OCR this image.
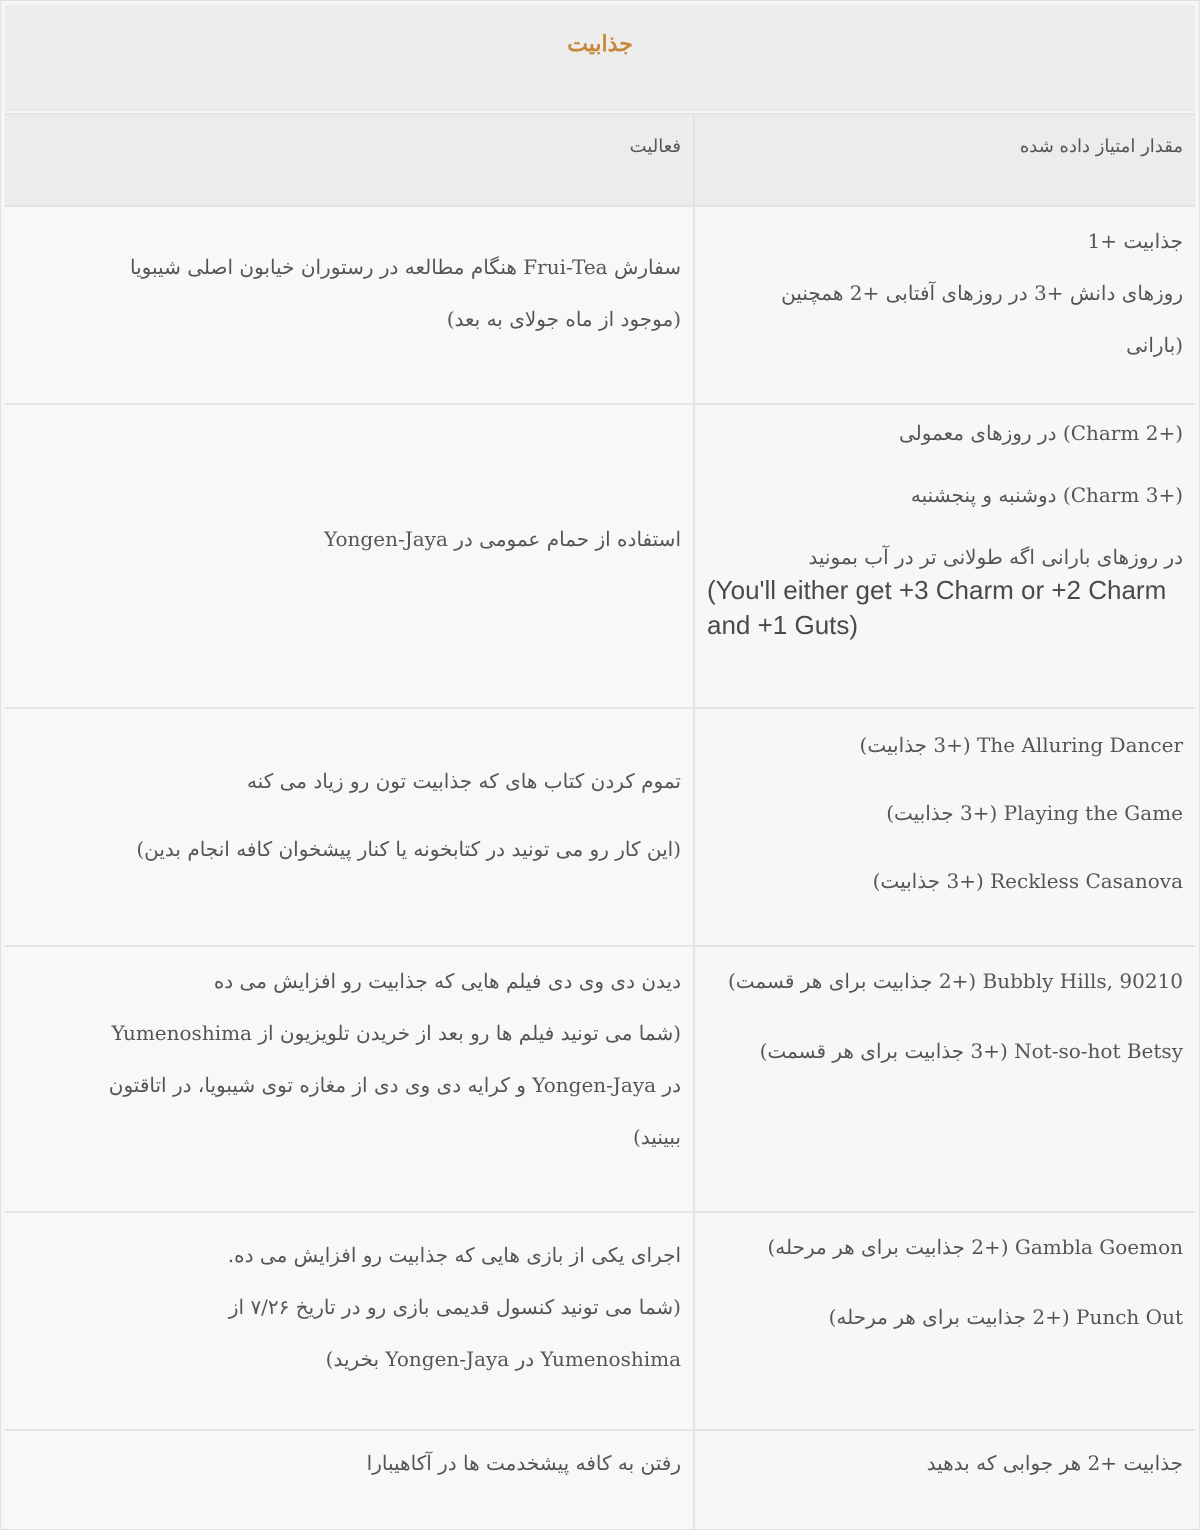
جذابیت
مقدار امتیاز داده شده
فعالیت
جذابیت +1
روزهای دانش +3 در روزهای آفتابی +2 همچنین
(بارانی
سفارش Frui-Tea هنگام مطالعه در رستوران خیابون اصلی شیبویا
(موجود از ماه جولای به بعد)
(+2 Charm) در روزهای معمولی
(+3 Charm) دوشنبه و پنجشنبه
در روزهای بارانی اگه طولانی تر در آب بمونید
(You'll either get +3 Charm or +2 Charm and +1 Guts)
استفاده از حمام عمومی در Yongen-Jaya
The Alluring Dancer (+3 جذابیت)
Playing the Game (+3 جذابیت)
Reckless Casanova (+3 جذابیت)
تموم کردن کتاب های که جذابیت تون رو زیاد می کنه
(این کار رو می تونید در کتابخونه یا کنار پیشخوان کافه انجام بدین)
Bubbly Hills, 90210 (+2 جذابیت برای هر قسمت)
Not-so-hot Betsy (+3 جذابیت برای هر قسمت)
دیدن دی وی دی فیلم هایی که جذابیت رو افزایش می ده
(شما می تونید فیلم ها رو بعد از خریدن تلویزیون از Yumenoshima
در Yongen-Jaya و کرایه دی وی دی از مغازه توی شیبویا، در اتاقتون
ببینید)
Gambla Goemon (+2 جذابیت برای هر مرحله)
Punch Out (+2 جذابیت برای هر مرحله)
اجرای یکی از بازی هایی که جذابیت رو افزایش می ده.
(شما می تونید کنسول قدیمی بازی رو در تاریخ ۷/۲۶ از
Yumenoshima در Yongen-Jaya بخرید)
جذابیت +2 هر جوابی که بدهید
رفتن به کافه پیشخدمت ها در آکاهیبارا
